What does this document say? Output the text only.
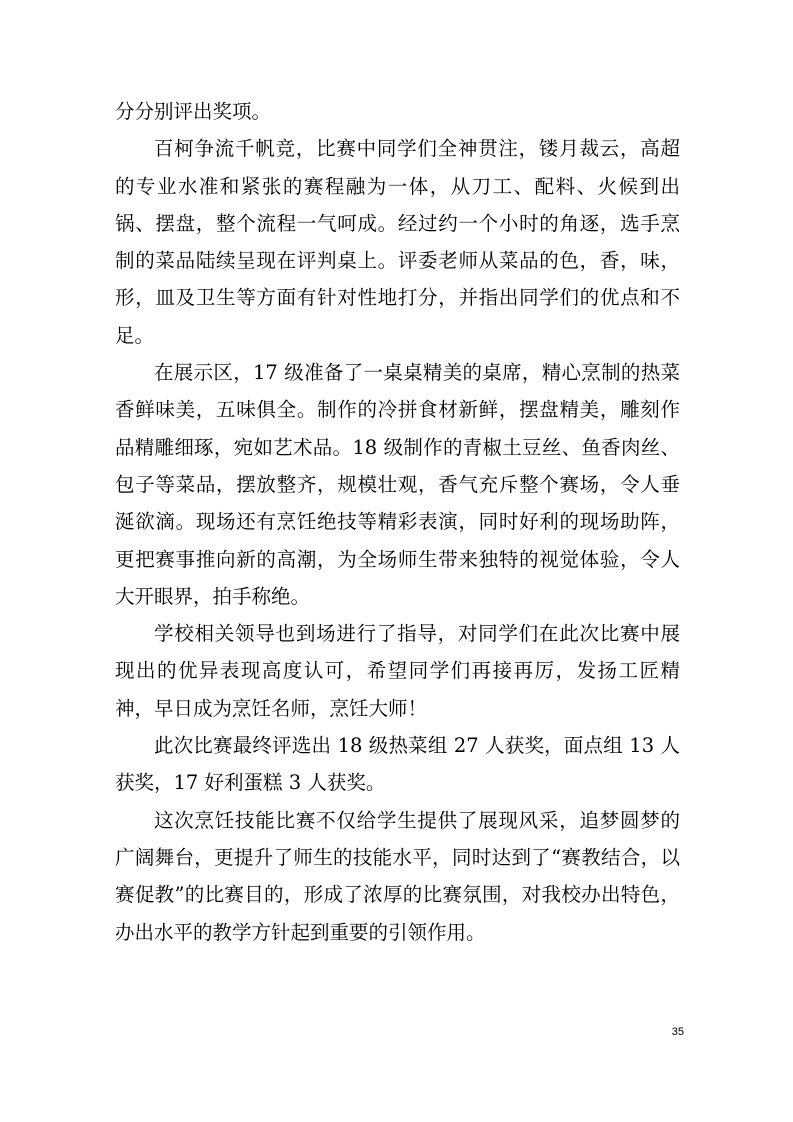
分分别评出奖项。

百柯争流千帆竞，比赛中同学们全神贯注，镂月裁云，高超的专业水准和紧张的赛程融为一体，从刀工、配料、火候到出锅、摆盘，整个流程一气呵成。经过约一个小时的角逐，选手烹制的菜品陆续呈现在评判桌上。评委老师从菜品的色，香，味，形，皿及卫生等方面有针对性地打分，并指出同学们的优点和不足。

在展示区，17 级准备了一桌桌精美的桌席，精心烹制的热菜香鲜味美，五味俱全。制作的冷拼食材新鲜，摆盘精美，雕刻作品精雕细琢，宛如艺术品。18 级制作的青椒土豆丝、鱼香肉丝、包子等菜品，摆放整齐，规模壮观，香气充斥整个赛场，令人垂涎欲滴。现场还有烹饪绝技等精彩表演，同时好利的现场助阵，更把赛事推向新的高潮，为全场师生带来独特的视觉体验，令人大开眼界，拍手称绝。

学校相关领导也到场进行了指导，对同学们在此次比赛中展现出的优异表现高度认可，希望同学们再接再厉，发扬工匠精神，早日成为烹饪名师，烹饪大师！

此次比赛最终评选出 18 级热菜组 27 人获奖，面点组 13 人获奖，17 好利蛋糕 3 人获奖。

这次烹饪技能比赛不仅给学生提供了展现风采，追梦圆梦的广阔舞台，更提升了师生的技能水平，同时达到了“赛教结合，以赛促教”的比赛目的，形成了浓厚的比赛氛围，对我校办出特色，办出水平的教学方针起到重要的引领作用。

35
